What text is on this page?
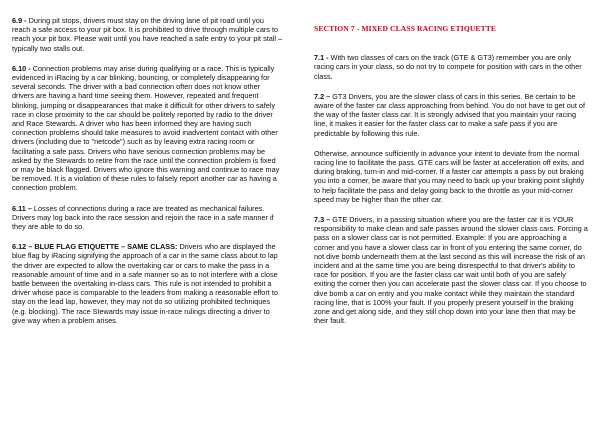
6.9 - During pit stops, drivers must stay on the driving lane of pit road until you reach a safe access to your pit box. It is prohibited to drive through multiple cars to reach your pit box. Please wait until you have reached a safe entry to your pit stall – typically two stalls out.

6.10 - Connection problems may arise during qualifying or a race. This is typically evidenced in iRacing by a car blinking, bouncing, or completely disappearing for several seconds. The driver with a bad connection often does not know other drivers are having a hard time seeing them. However, repeated and frequent blinking, jumping or disappearances that make it difficult for other drivers to safely race in close proximity to the car should be politely reported by radio to the driver and Race Stewards. A driver who has been informed they are having such connection problems should take measures to avoid inadvertent contact with other drivers (including due to "netcode") such as by leaving extra racing room or facilitating a safe pass. Drivers who have serious connection problems may be asked by the Stewards to retire from the race until the connection problem is fixed or may be black flagged. Drivers who ignore this warning and continue to race may be removed. It is a violation of these rules to falsely report another car as having a connection problem.

6.11 – Losses of connections during a race are treated as mechanical failures. Drivers may log back into the race session and rejoin the race in a safe manner if they are able to do so.

6.12 – BLUE FLAG ETIQUETTE – SAME CLASS: Drivers who are displayed the blue flag by iRacing signifying the approach of a car in the same class about to lap the driver are expected to allow the overtaking car or cars to make the pass in a reasonable amount of time and in a safe manner so as to not interfere with a close battle between the overtaking in-class cars. This rule is not intended to prohibit a driver whose pace is comparable to the leaders from making a reasonable effort to stay on the lead lap, however, they may not do so utilizing prohibited techniques (e.g. blocking). The race Stewards may issue in-race rulings directing a driver to give way when a problem arises.

SECTION 7 - MIXED CLASS RACING ETIQUETTE

7.1 - With two classes of cars on the track (GTE & GT3) remember you are only racing cars in your class, so do not try to compete for position with cars in the other class.

7.2 – GT3 Drivers, you are the slower class of cars in this series. Be certain to be aware of the faster car class approaching from behind. You do not have to get out of the way of the faster class car. It is strongly advised that you maintain your racing line, it makes it easier for the faster class car to make a safe pass if you are predictable by following this rule.

Otherwise, announce sufficiently in advance your intent to deviate from the normal racing line to facilitate the pass. GTE cars will be faster at acceleration off exits, and during braking, turn-in and mid-corner. If a faster car attempts a pass by out braking you into a corner, be aware that you may need to back up your braking point slightly to help facilitate the pass and delay going back to the throttle as your mid-corner speed may be higher than the other car.

7.3 – GTE Drivers, in a passing situation where you are the faster car it is YOUR responsibility to make clean and safe passes around the slower class cars. Forcing a pass on a slower class car is not permitted. Example: If you are approaching a corner and you have a slower class car in front of you entering the same corner, do not dive bomb underneath them at the last second as this will increase the risk of an incident and at the same time you are being disrespectful to that driver's ability to race for position. If you are the faster class car wait until both of you are safely exiting the corner then you can accelerate past the slower class car. If you choose to dive bomb a car on entry and you make contact while they maintain the standard racing line, that is 100% your fault. If you properly present yourself in the braking zone and get along side, and they still chop down into your lane then that may be their fault.
